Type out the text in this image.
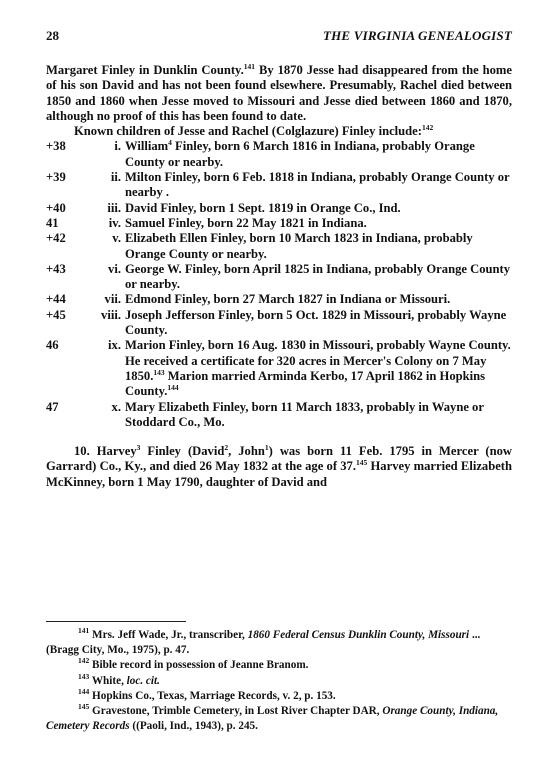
28	THE VIRGINIA GENEALOGIST

Margaret Finley in Dunklin County.$^{141}$ By 1870 Jesse had disappeared from the home of his son David and has not been found elsewhere. Presumably, Rachel died between 1850 and 1860 when Jesse moved to Missouri and Jesse died between 1860 and 1870, although no proof of this has been found to date.

Known children of Jesse and Rachel (Colglazure) Finley include:$^{142}$

+38	i. William$^4$ Finley, born 6 March 1816 in Indiana, probably Orange County or nearby.

+39	ii. Milton Finley, born 6 Feb. 1818 in Indiana, probably Orange County or nearby .

+40	iii. David Finley, born 1 Sept. 1819 in Orange Co., Ind.

41	iv. Samuel Finley, born 22 May 1821 in Indiana.

+42	v. Elizabeth Ellen Finley, born 10 March 1823 in Indiana, probably Orange County or nearby.

+43	vi. George W. Finley, born April 1825 in Indiana, probably Orange County or nearby.

+44	vii. Edmond Finley, born 27 March 1827 in Indiana or Missouri.

+45	viii. Joseph Jefferson Finley, born 5 Oct. 1829 in Missouri, probably Wayne County.

46	ix. Marion Finley, born 16 Aug. 1830 in Missouri, probably Wayne County. He received a certificate for 320 acres in Mercer's Colony on 7 May 1850.$^{143}$ Marion married Arminda Kerbo, 17 April 1862 in Hopkins County.$^{144}$

47	x. Mary Elizabeth Finley, born 11 March 1833, probably in Wayne or Stoddard Co., Mo.

10. Harvey$^3$ Finley (David$^2$, John$^1$) was born 11 Feb. 1795 in Mercer (now Garrard) Co., Ky., and died 26 May 1832 at the age of 37.$^{145}$ Harvey married Elizabeth McKinney, born 1 May 1790, daughter of David and

$^{141}$ Mrs. Jeff Wade, Jr., transcriber, 1860 Federal Census Dunklin County, Missouri ... (Bragg City, Mo., 1975), p. 47.

$^{142}$ Bible record in possession of Jeanne Branom.

$^{143}$ White, loc. cit.

$^{144}$ Hopkins Co., Texas, Marriage Records, v. 2, p. 153.

$^{145}$ Gravestone, Trimble Cemetery, in Lost River Chapter DAR, Orange County, Indiana, Cemetery Records ((Paoli, Ind., 1943), p. 245.
